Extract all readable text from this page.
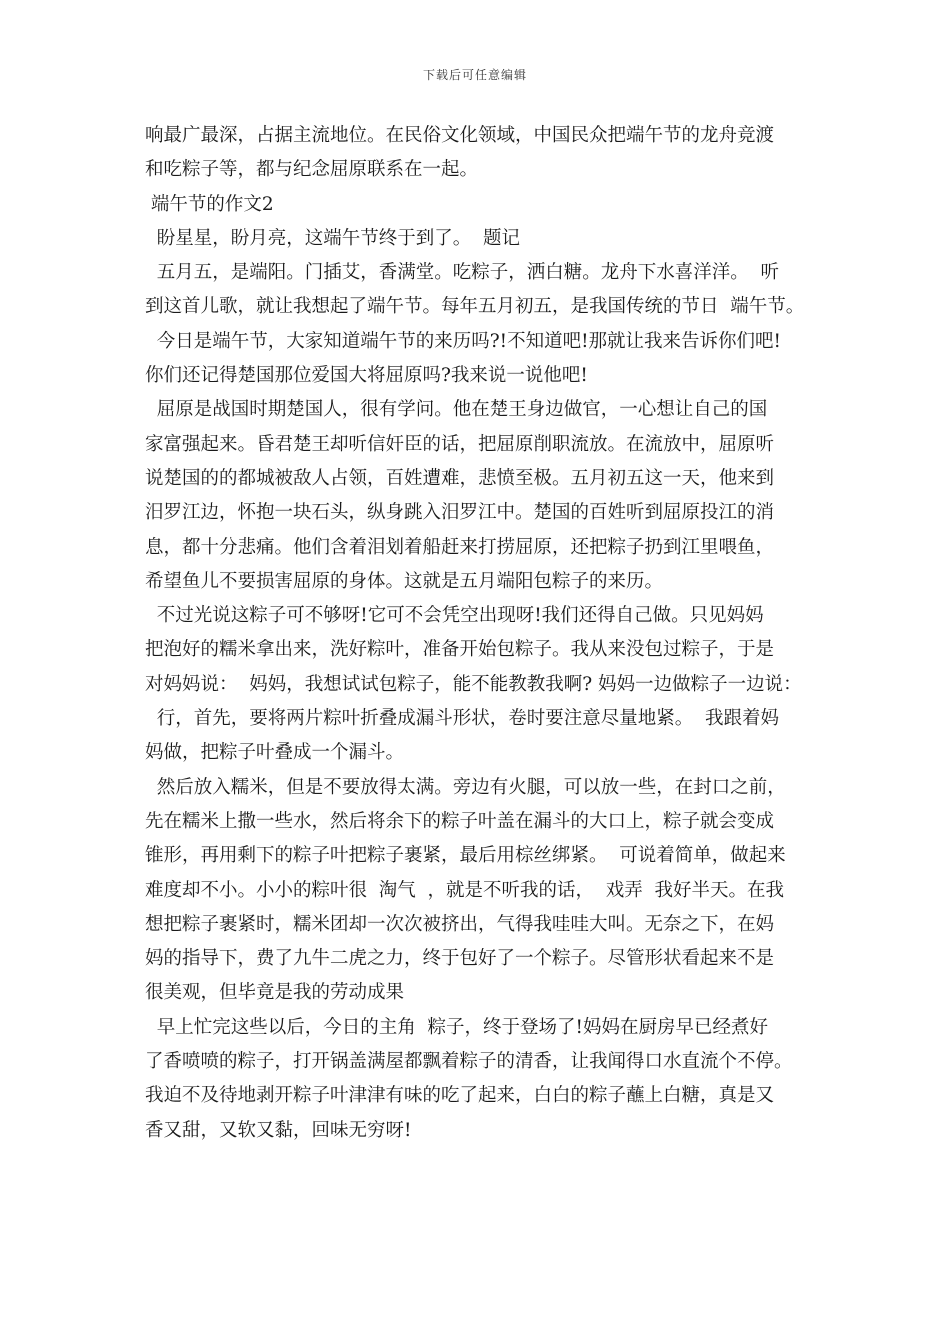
下载后可任意编辑
响最广最深，占据主流地位。在民俗文化领域，中国民众把端午节的龙舟竞渡
和吃粽子等，都与纪念屈原联系在一起。
端午节的作文2
盼星星，盼月亮，这端午节终于到了。  题记
五月五，是端阳。门插艾，香满堂。吃粽子，洒白糖。龙舟下水喜洋洋。  听
到这首儿歌，就让我想起了端午节。每年五月初五，是我国传统的节日  端午节。
今日是端午节，大家知道端午节的来历吗?!不知道吧!那就让我来告诉你们吧!
你们还记得楚国那位爱国大将屈原吗?我来说一说他吧!
屈原是战国时期楚国人，很有学问。他在楚王身边做官，一心想让自己的国
家富强起来。昏君楚王却听信奸臣的话，把屈原削职流放。在流放中，屈原听
说楚国的的都城被敌人占领，百姓遭难，悲愤至极。五月初五这一天，他来到
汨罗江边，怀抱一块石头，纵身跳入汨罗江中。楚国的百姓听到屈原投江的消
息，都十分悲痛。他们含着泪划着船赶来打捞屈原，还把粽子扔到江里喂鱼，
希望鱼儿不要损害屈原的身体。这就是五月端阳包粽子的来历。
不过光说这粽子可不够呀!它可不会凭空出现呀!我们还得自己做。只见妈妈
把泡好的糯米拿出来，洗好粽叶，准备开始包粽子。我从来没包过粽子，于是
对妈妈说：  妈妈，我想试试包粽子，能不能教教我啊? 妈妈一边做粽子一边说：
行，首先，要将两片粽叶折叠成漏斗形状，卷时要注意尽量地紧。  我跟着妈
妈做，把粽子叶叠成一个漏斗。
然后放入糯米，但是不要放得太满。旁边有火腿，可以放一些，在封口之前，
先在糯米上撒一些水，然后将余下的粽子叶盖在漏斗的大口上，粽子就会变成
锥形，再用剩下的粽子叶把粽子裹紧，最后用棕丝绑紧。  可说着简单，做起来
难度却不小。小小的粽叶很  淘气  ，就是不听我的话，  戏弄  我好半天。在我
想把粽子裹紧时，糯米团却一次次被挤出，气得我哇哇大叫。无奈之下，在妈
妈的指导下，费了九牛二虎之力，终于包好了一个粽子。尽管形状看起来不是
很美观，但毕竟是我的劳动成果
早上忙完这些以后，今日的主角  粽子，终于登场了!妈妈在厨房早已经煮好
了香喷喷的粽子，打开锅盖满屋都飘着粽子的清香，让我闻得口水直流个不停。
我迫不及待地剥开粽子叶津津有味的吃了起来，白白的粽子蘸上白糖，真是又
香又甜，又软又黏，回味无穷呀!
